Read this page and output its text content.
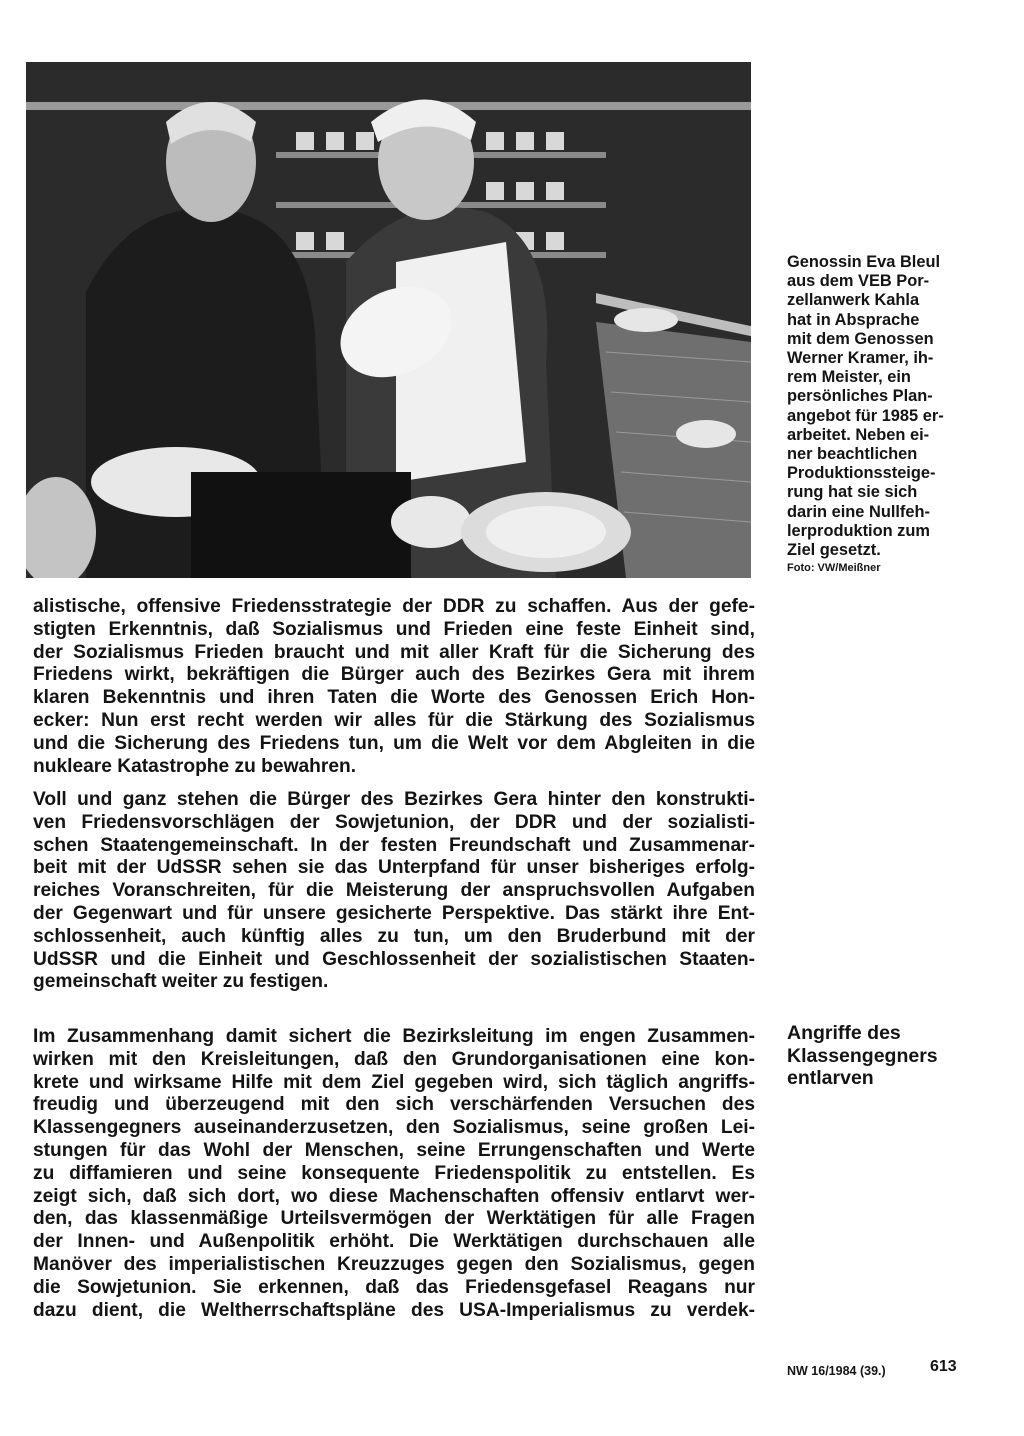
Genossin Eva Bleul
aus dem VEB Por-
zellanwerk Kahla
hat in Absprache
mit dem Genossen
Werner Kramer, ih-
rem Meister, ein
persönliches Plan-
angebot für 1985 er-
arbeitet. Neben ei-
ner beachtlichen
Produktionssteige-
rung hat sie sich
darin eine Nullfeh-
lerproduktion zum
Ziel gesetzt.
Foto: VW/Meißner
alistische, offensive Friedensstrategie der DDR zu schaffen. Aus der gefe-
stigten Erkenntnis, daß Sozialismus und Frieden eine feste Einheit sind,
der Sozialismus Frieden braucht und mit aller Kraft für die Sicherung des
Friedens wirkt, bekräftigen die Bürger auch des Bezirkes Gera mit ihrem
klaren Bekenntnis und ihren Taten die Worte des Genossen Erich Hon-
ecker: Nun erst recht werden wir alles für die Stärkung des Sozialismus
und die Sicherung des Friedens tun, um die Welt vor dem Abgleiten in die
nukleare Katastrophe zu bewahren.
Voll und ganz stehen die Bürger des Bezirkes Gera hinter den konstrukti-
ven Friedensvorschlägen der Sowjetunion, der DDR und der sozialisti-
schen Staatengemeinschaft. In der festen Freundschaft und Zusammenar-
beit mit der UdSSR sehen sie das Unterpfand für unser bisheriges erfolg-
reiches Voranschreiten, für die Meisterung der anspruchsvollen Aufgaben
der Gegenwart und für unsere gesicherte Perspektive. Das stärkt ihre Ent-
schlossenheit, auch künftig alles zu tun, um den Bruderbund mit der
UdSSR und die Einheit und Geschlossenheit der sozialistischen Staaten-
gemeinschaft weiter zu festigen.
Angriffe des
Klassengegners
entlarven
Im Zusammenhang damit sichert die Bezirksleitung im engen Zusammen-
wirken mit den Kreisleitungen, daß den Grundorganisationen eine kon-
krete und wirksame Hilfe mit dem Ziel gegeben wird, sich täglich angriffs-
freudig und überzeugend mit den sich verschärfenden Versuchen des
Klassengegners auseinanderzusetzen, den Sozialismus, seine großen Lei-
stungen für das Wohl der Menschen, seine Errungenschaften und Werte
zu diffamieren und seine konsequente Friedenspolitik zu entstellen. Es
zeigt sich, daß sich dort, wo diese Machenschaften offensiv entlarvt wer-
den, das klassenmäßige Urteilsvermögen der Werktätigen für alle Fragen
der Innen- und Außenpolitik erhöht. Die Werktätigen durchschauen alle
Manöver des imperialistischen Kreuzzuges gegen den Sozialismus, gegen
die Sowjetunion. Sie erkennen, daß das Friedensgefasel Reagans nur
dazu dient, die Weltherrschaftspläne des USA-Imperialismus zu verdek-
NW 16/1984 (39.)	613
